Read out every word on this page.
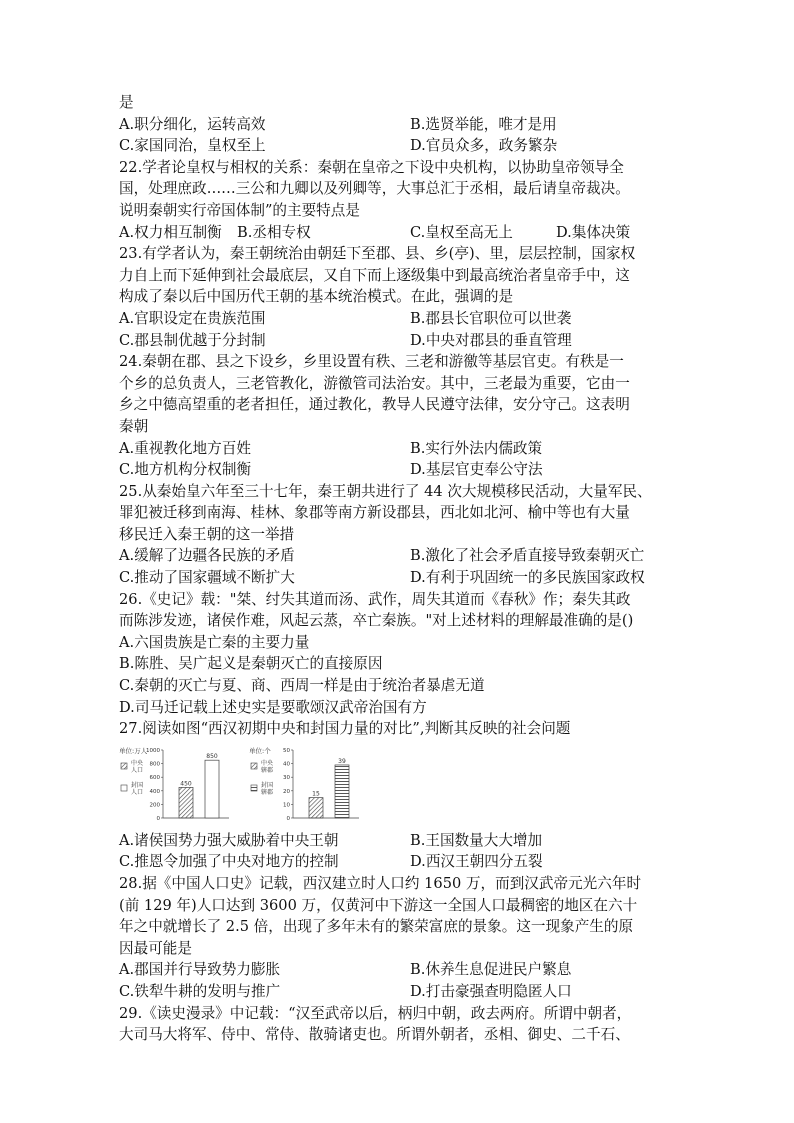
是
A.职分细化，运转高效	B.选贤举能，唯才是用
C.家国同治，皇权至上	D.官员众多，政务繁杂
22.学者论皇权与相权的关系：秦朝在皇帝之下设中央机构，以协助皇帝领导全
国，处理庶政……三公和九卿以及列卿等，大事总汇于丞相，最后请皇帝裁决。
说明秦朝实行帝国体制”的主要特点是
A.权力相互制衡 B.丞相专权	C.皇权至高无上	D.集体决策
23.有学者认为，秦王朝统治由朝廷下至郡、县、乡(亭)、里，层层控制，国家权
力自上而下延伸到社会最底层，又自下而上逐级集中到最高统治者皇帝手中，这
构成了秦以后中国历代王朝的基本统治模式。在此，强调的是
A.官职设定在贵族范围	B.郡县长官职位可以世袭
C.郡县制优越于分封制	D.中央对郡县的垂直管理
24.秦朝在郡、县之下设乡，乡里设置有秩、三老和游徼等基层官吏。有秩是一
个乡的总负责人，三老管教化，游徼管司法治安。其中，三老最为重要，它由一
乡之中德高望重的老者担任，通过教化，教导人民遵守法律，安分守己。这表明
秦朝
A.重视教化地方百姓	B.实行外法内儒政策
C.地方机构分权制衡	D.基层官吏奉公守法
25.从秦始皇六年至三十七年，秦王朝共进行了 44 次大规模移民活动，大量军民、
罪犯被迁移到南海、桂林、象郡等南方新设郡县，西北如北河、榆中等也有大量
移民迁入秦王朝的这一举措
A.缓解了边疆各民族的矛盾	B.激化了社会矛盾直接导致秦朝灭亡
C.推动了国家疆域不断扩大	D.有利于巩固统一的多民族国家政权
26.《史记》载："桀、纣失其道而汤、武作，周失其道而《春秋》作；秦失其政
而陈涉发迹，诸侯作难，风起云蒸，卒亡秦族。"对上述材料的理解最准确的是()
A.六国贵族是亡秦的主要力量
B.陈胜、吴广起义是秦朝灭亡的直接原因
C.秦朝的灭亡与夏、商、西周一样是由于统治者暴虐无道
D.司马迁记载上述史实是要歌颂汉武帝治国有方
27.阅读如图“西汉初期中央和封国力量的对比”,判断其反映的社会问题
单位:万人
中央
人口
封国
人口
0
200
400
600
800
1000
450
850
单位:个
中央
辖郡
封国
辖郡
0
10
20
30
40
50
15
39
A.诸侯国势力强大威胁着中央王朝	B.王国数量大大增加
C.推恩令加强了中央对地方的控制	D.西汉王朝四分五裂
28.据《中国人口史》记载，西汉建立时人口约 1650 万，而到汉武帝元光六年时
(前 129 年)人口达到 3600 万，仅黄河中下游这一全国人口最稠密的地区在六十
年之中就增长了 2.5 倍，出现了多年未有的繁荣富庶的景象。这一现象产生的原
因最可能是
A.郡国并行导致势力膨胀	B.休养生息促进民户繁息
C.铁犁牛耕的发明与推广	D.打击豪强查明隐匿人口
29.《读史漫录》中记载：“汉至武帝以后，柄归中朝，政去两府。所谓中朝者，
大司马大将军、侍中、常侍、散骑诸吏也。所谓外朝者，丞相、御史、二千石、
